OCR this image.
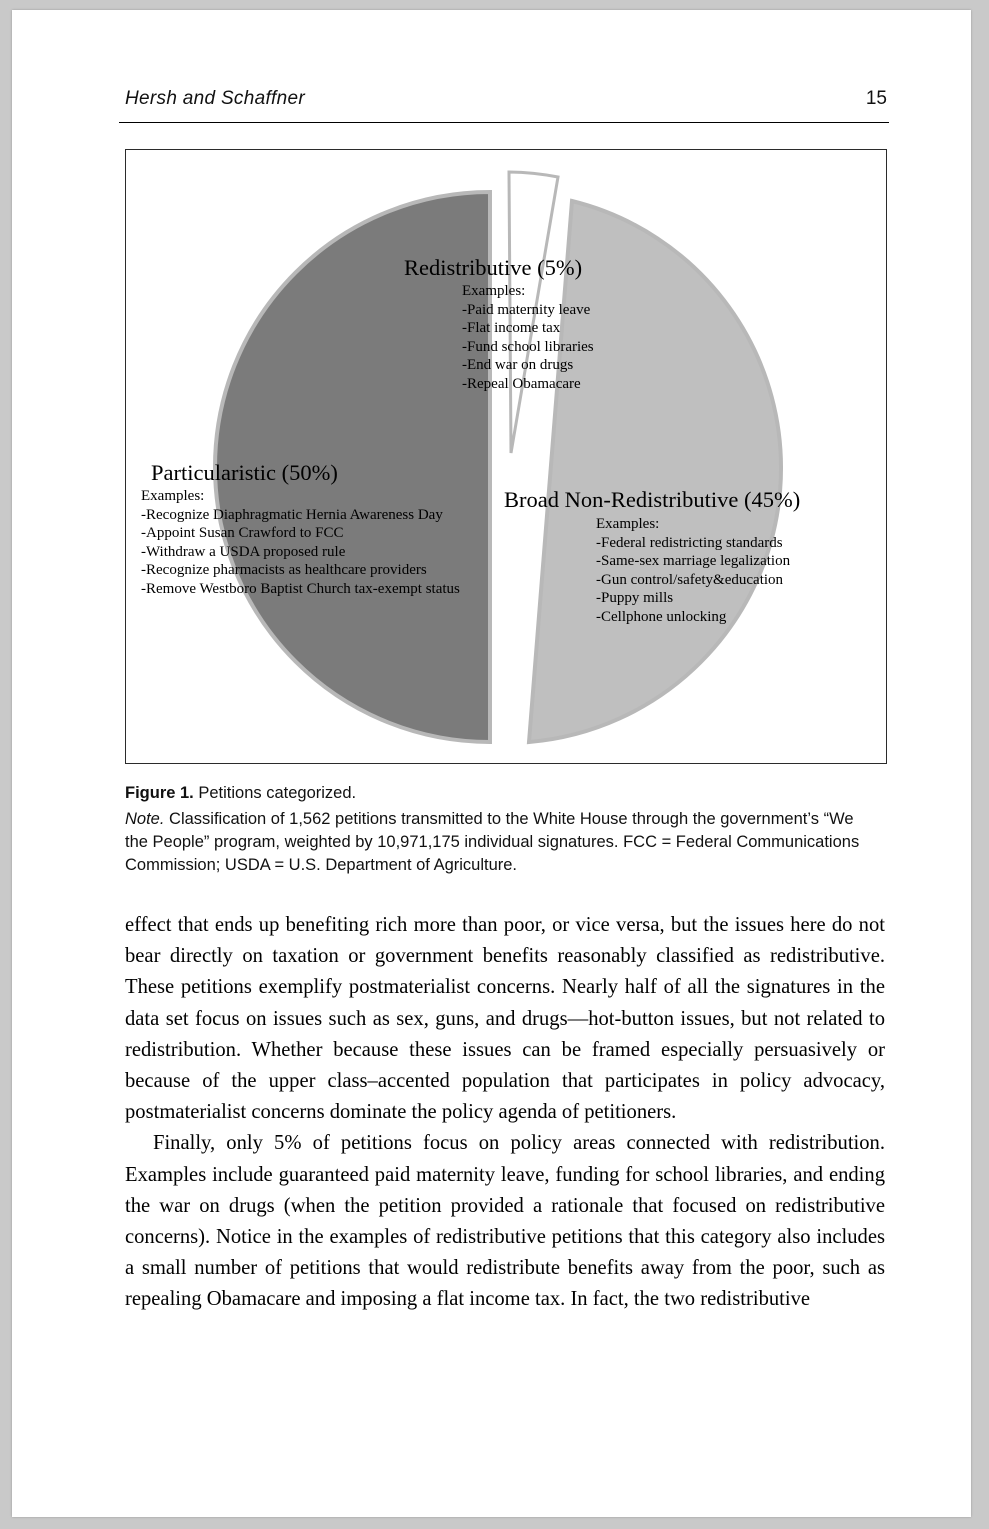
Hersh and Schaffner	15
Redistributive (5%)
Examples:
-Paid maternity leave
-Flat income tax
-Fund school libraries
-End war on drugs
-Repeal Obamacare
Particularistic (50%)
Examples:
-Recognize Diaphragmatic Hernia Awareness Day
-Appoint Susan Crawford to FCC
-Withdraw a USDA proposed rule
-Recognize pharmacists as healthcare providers
-Remove Westboro Baptist Church tax-exempt status
Broad Non-Redistributive (45%)
Examples:
-Federal redistricting standards
-Same-sex marriage legalization
-Gun control/safety&education
-Puppy mills
-Cellphone unlocking

Figure 1. Petitions categorized.

Note. Classification of 1,562 petitions transmitted to the White House through the government’s “We the People” program, weighted by 10,971,175 individual signatures. FCC = Federal Communications Commission; USDA = U.S. Department of Agriculture.

effect that ends up benefiting rich more than poor, or vice versa, but the issues here do not bear directly on taxation or government benefits reasonably classified as redistributive. These petitions exemplify postmaterialist concerns. Nearly half of all the signatures in the data set focus on issues such as sex, guns, and drugs—hot-button issues, but not related to redistribution. Whether because these issues can be framed especially persuasively or because of the upper class–accented population that participates in policy advocacy, postmaterialist concerns dominate the policy agenda of petitioners.

Finally, only 5% of petitions focus on policy areas connected with redistribution. Examples include guaranteed paid maternity leave, funding for school libraries, and ending the war on drugs (when the petition provided a rationale that focused on redistributive concerns). Notice in the examples of redistributive petitions that this category also includes a small number of petitions that would redistribute benefits away from the poor, such as repealing Obamacare and imposing a flat income tax. In fact, the two redistributive
